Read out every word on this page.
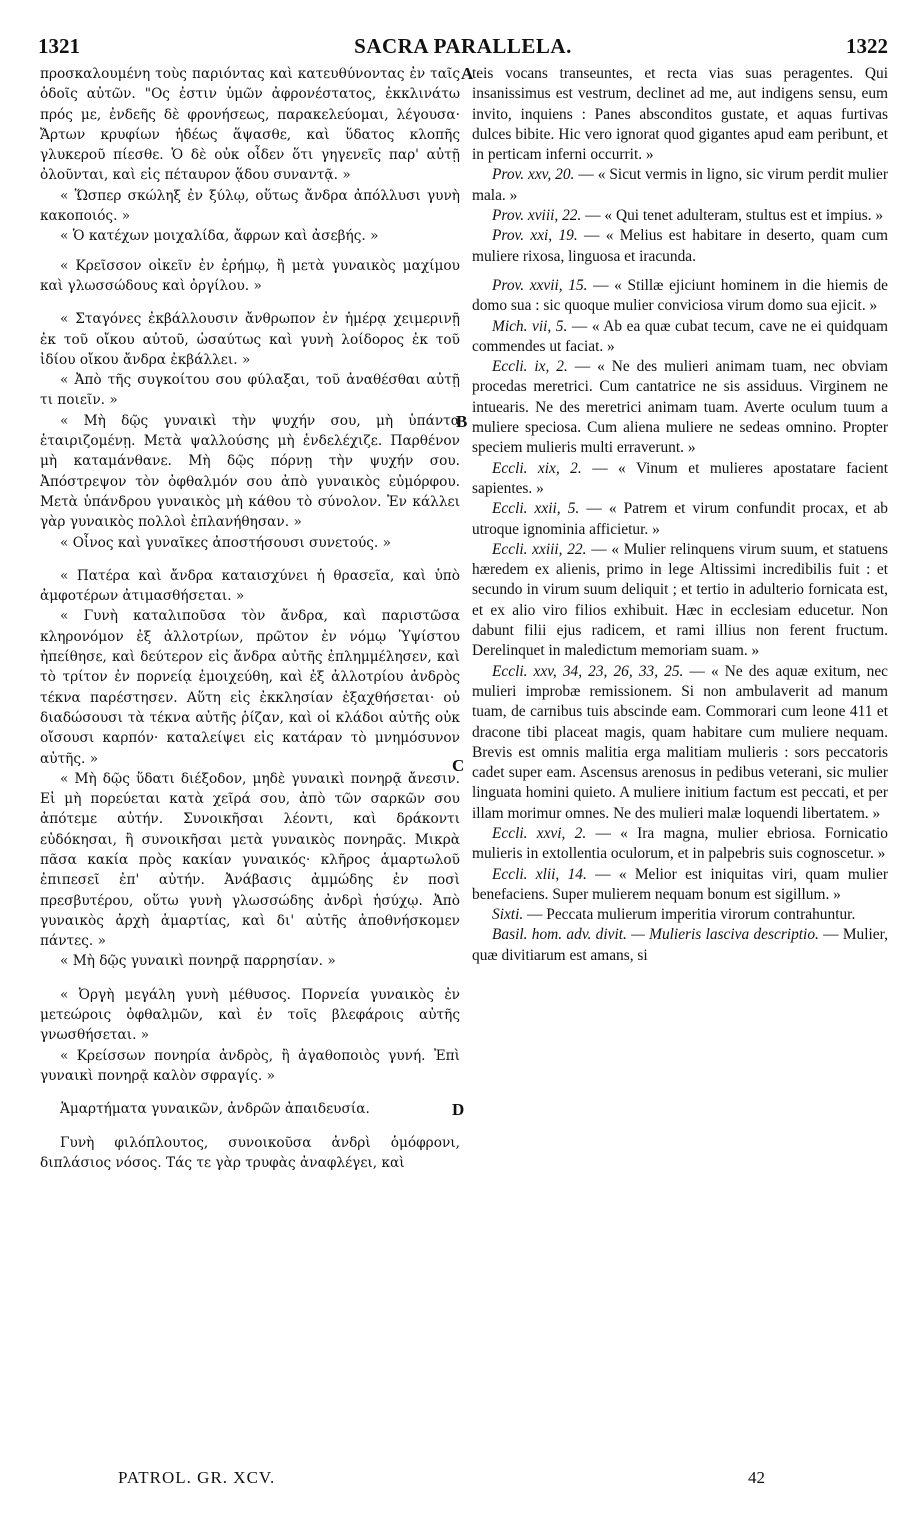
1321	SACRA PARALLELA.	1322
A
B
C
D
προσκαλουμένη τοὺς παριόντας καὶ κατευθύνοντας ἐν ταῖς ὁδοῖς αὐτῶν. "Ος ἐστιν ὑμῶν ἀφρονέστατος, ἐκκλινάτω πρός με, ἐνδεῆς δὲ φρονήσεως, παρακελεύομαι, λέγουσα· Ἄρτων κρυφίων ἡδέως ἅψασθε, καὶ ὕδατος κλοπῆς γλυκεροῦ πίεσθε. Ὁ δὲ οὐκ οἶδεν ὅτι γηγενεῖς παρ' αὐτῇ ὀλοῦνται, καὶ εἰς πέταυρον ᾅδου συναντᾷ. »
« Ὥσπερ σκώληξ ἐν ξύλῳ, οὕτως ἄνδρα ἀπόλλυσι γυνὴ κακοποιός. »
« Ὁ κατέχων μοιχαλίδα, ἄφρων καὶ ἀσεβής. »
« Κρεῖσσον οἰκεῖν ἐν ἐρήμῳ, ἢ μετὰ γυναικὸς μαχίμου καὶ γλωσσώδους καὶ ὀργίλου. »
« Σταγόνες ἐκβάλλουσιν ἄνθρωπον ἐν ἡμέρᾳ χειμερινῇ ἐκ τοῦ οἴκου αὐτοῦ, ὡσαύτως καὶ γυνὴ λοίδορος ἐκ τοῦ ἰδίου οἴκου ἄνδρα ἐκβάλλει. »
« Ἀπὸ τῆς συγκοίτου σου φύλαξαι, τοῦ ἀναθέσθαι αὐτῇ τι ποιεῖν. »
« Μὴ δῷς γυναικὶ τὴν ψυχήν σου, μὴ ὑπάντα ἑταιριζομένῃ. Μετὰ ψαλλούσης μὴ ἐνδελέχιζε. Παρθένον μὴ καταμάνθανε. Μὴ δῷς πόρνῃ τὴν ψυχήν σου. Ἀπόστρεψον τὸν ὀφθαλμόν σου ἀπὸ γυναικὸς εὐμόρφου. Μετὰ ὑπάνδρου γυναικὸς μὴ κάθου τὸ σύνολον. Ἐν κάλλει γὰρ γυναικὸς πολλοὶ ἐπλανήθησαν. »
« Οἶνος καὶ γυναῖκες ἀποστήσουσι συνετούς. »
« Πατέρα καὶ ἄνδρα καταισχύνει ἡ θρασεῖα, καὶ ὑπὸ ἀμφοτέρων ἀτιμασθήσεται. »
« Γυνὴ καταλιποῦσα τὸν ἄνδρα, καὶ παριστῶσα κληρονόμον ἐξ ἀλλοτρίων, πρῶτον ἐν νόμῳ Ὑψίστου ἠπείθησε, καὶ δεύτερον εἰς ἄνδρα αὐτῆς ἐπλημμέλησεν, καὶ τὸ τρίτον ἐν πορνείᾳ ἐμοιχεύθη, καὶ ἐξ ἀλλοτρίου ἀνδρὸς τέκνα παρέστησεν. Αὕτη εἰς ἐκκλησίαν ἐξαχθήσεται· οὐ διαδώσουσι τὰ τέκνα αὐτῆς ῥίζαν, καὶ οἱ κλάδοι αὐτῆς οὐκ οἴσουσι καρπόν· καταλείψει εἰς κατάραν τὸ μνημόσυνον αὐτῆς. »
« Μὴ δῷς ὕδατι διέξοδον, μηδὲ γυναικὶ πονηρᾷ ἄνεσιν. Εἰ μὴ πορεύεται κατὰ χεῖρά σου, ἀπὸ τῶν σαρκῶν σου ἀπότεμε αὐτήν. Συνοικῆσαι λέοντι, καὶ δράκοντι εὐδόκησαι, ἢ συνοικῆσαι μετὰ γυναικὸς πονηρᾶς. Μικρὰ πᾶσα κακία πρὸς κακίαν γυναικός· κλῆρος ἁμαρτωλοῦ ἐπιπεσεῖ ἐπ' αὐτήν. Ἀνάβασις ἀμμώδης ἐν ποσὶ πρεσβυτέρου, οὕτω γυνὴ γλωσσώδης ἀνδρὶ ἡσύχῳ. Ἀπὸ γυναικὸς ἀρχὴ ἁμαρτίας, καὶ δι' αὐτῆς ἀποθνήσκομεν πάντες. »
« Μὴ δῷς γυναικὶ πονηρᾷ παρρησίαν. »
« Ὀργὴ μεγάλη γυνὴ μέθυσος. Πορνεία γυναικὸς ἐν μετεώροις ὀφθαλμῶν, καὶ ἐν τοῖς βλεφάροις αὐτῆς γνωσθήσεται. »
« Κρείσσων πονηρία ἀνδρὸς, ἢ ἀγαθοποιὸς γυνή. Ἐπὶ γυναικὶ πονηρᾷ καλὸν σφραγίς. »
Ἁμαρτήματα γυναικῶν, ἀνδρῶν ἀπαιδευσία.
Γυνὴ φιλόπλουτος, συνοικοῦσα ἀνδρὶ ὁμόφρονι, διπλάσιος νόσος. Τάς τε γὰρ τρυφὰς ἀναφλέγει, καὶ
teis vocans transeuntes, et recta vias suas peragentes. Qui insanissimus est vestrum, declinet ad me, aut indigens sensu, eum invito, inquiens : Panes absconditos gustate, et aquas furtivas dulces bibite. Hic vero ignorat quod gigantes apud eam peribunt, et in perticam inferni occurrit. »
Prov. xxv, 20. — « Sicut vermis in ligno, sic virum perdit mulier mala. »
Prov. xviii, 22. — « Qui tenet adulteram, stultus est et impius. »
Prov. xxi, 19. — « Melius est habitare in deserto, quam cum muliere rixosa, linguosa et iracunda.
Prov. xxvii, 15. — « Stillæ ejiciunt hominem in die hiemis de domo sua : sic quoque mulier conviciosa virum domo sua ejicit. »
Mich. vii, 5. — « Ab ea quæ cubat tecum, cave ne ei quidquam commendes ut faciat. »
Eccli. ix, 2. — « Ne des mulieri animam tuam, nec obviam procedas meretrici. Cum cantatrice ne sis assiduus. Virginem ne intuearis. Ne des meretrici animam tuam. Averte oculum tuum a muliere speciosa. Cum aliena muliere ne sedeas omnino. Propter speciem mulieris multi erraverunt. »
Eccli. xix, 2. — « Vinum et mulieres apostatare facient sapientes. »
Eccli. xxii, 5. — « Patrem et virum confundit procax, et ab utroque ignominia afficietur. »
Eccli. xxiii, 22. — « Mulier relinquens virum suum, et statuens hæredem ex alienis, primo in lege Altissimi incredibilis fuit : et secundo in virum suum deliquit ; et tertio in adulterio fornicata est, et ex alio viro filios exhibuit. Hæc in ecclesiam educetur. Non dabunt filii ejus radicem, et rami illius non ferent fructum. Derelinquet in maledictum memoriam suam. »
Eccli. xxv, 34, 23, 26, 33, 25. — « Ne des aquæ exitum, nec mulieri improbæ remissionem. Si non ambulaverit ad manum tuam, de carnibus tuis abscinde eam. Commorari cum leone 411 et dracone tibi placeat magis, quam habitare cum muliere nequam. Brevis est omnis malitia erga malitiam mulieris : sors peccatoris cadet super eam. Ascensus arenosus in pedibus veterani, sic mulier linguata homini quieto. A muliere initium factum est peccati, et per illam morimur omnes. Ne des mulieri malæ loquendi libertatem. »
Eccli. xxvi, 2. — « Ira magna, mulier ebriosa. Fornicatio mulieris in extollentia oculorum, et in palpebris suis cognoscetur. »
Eccli. xlii, 14. — « Melior est iniquitas viri, quam mulier benefaciens. Super mulierem nequam bonum est sigillum. »
Sixti. — Peccata mulierum imperitia virorum contrahuntur.
Basil. hom. adv. divit. — Mulieris lasciva descriptio. — Mulier, quæ divitiarum est amans, si
PATROL. GR. XCV.	42
